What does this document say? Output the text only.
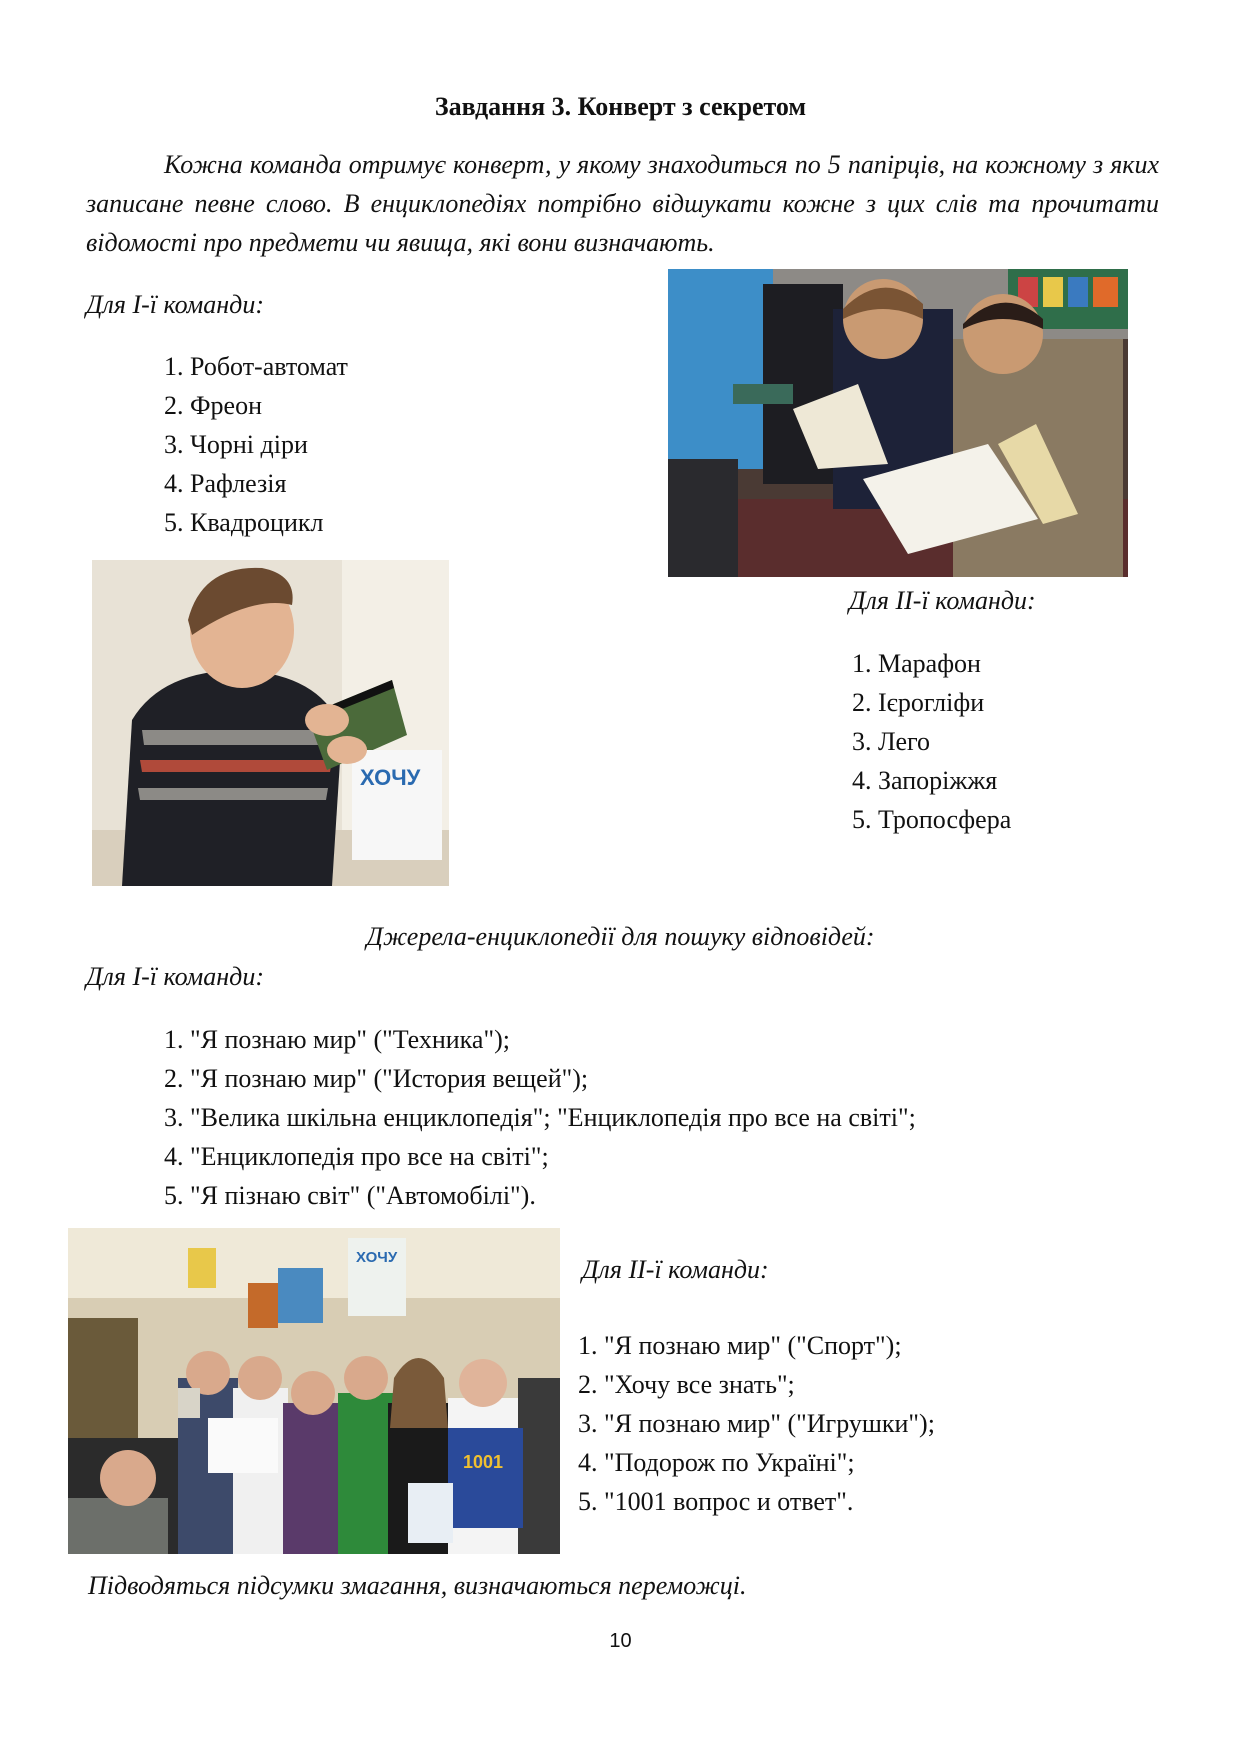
Завдання 3. Конверт з секретом
Кожна команда отримує конверт, у якому знаходиться по 5 папірців, на кожному з яких записане певне слово. В енциклопедіях потрібно відшукати кожне з цих слів та прочитати відомості про предмети чи явища, які вони визначають.
Для І-ї команди:
1. Робот-автомат
2. Фреон
3. Чорні діри
4. Рафлезія
5. Квадроцикл
ХОЧУ
Для ІІ-ї команди:
1. Марафон
2. Ієрогліфи
3. Лего
4. Запоріжжя
5. Тропосфера
Джерела-енциклопедії для пошуку відповідей:
Для І-ї команди:
1. "Я познаю мир" ("Техника");
2. "Я познаю мир" ("История вещей");
3. "Велика шкільна енциклопедія"; "Енциклопедія про все на світі";
4. "Енциклопедія про все на світі";
5. "Я пізнаю світ" ("Автомобілі").
ХОЧУ
1001
Для ІІ-ї команди:
1. "Я познаю мир" ("Спорт");
2. "Хочу все знать";
3. "Я познаю мир" ("Игрушки");
4. "Подорож по Україні";
5. "1001 вопрос и ответ".
Підводяться підсумки змагання, визначаються переможці.
10
